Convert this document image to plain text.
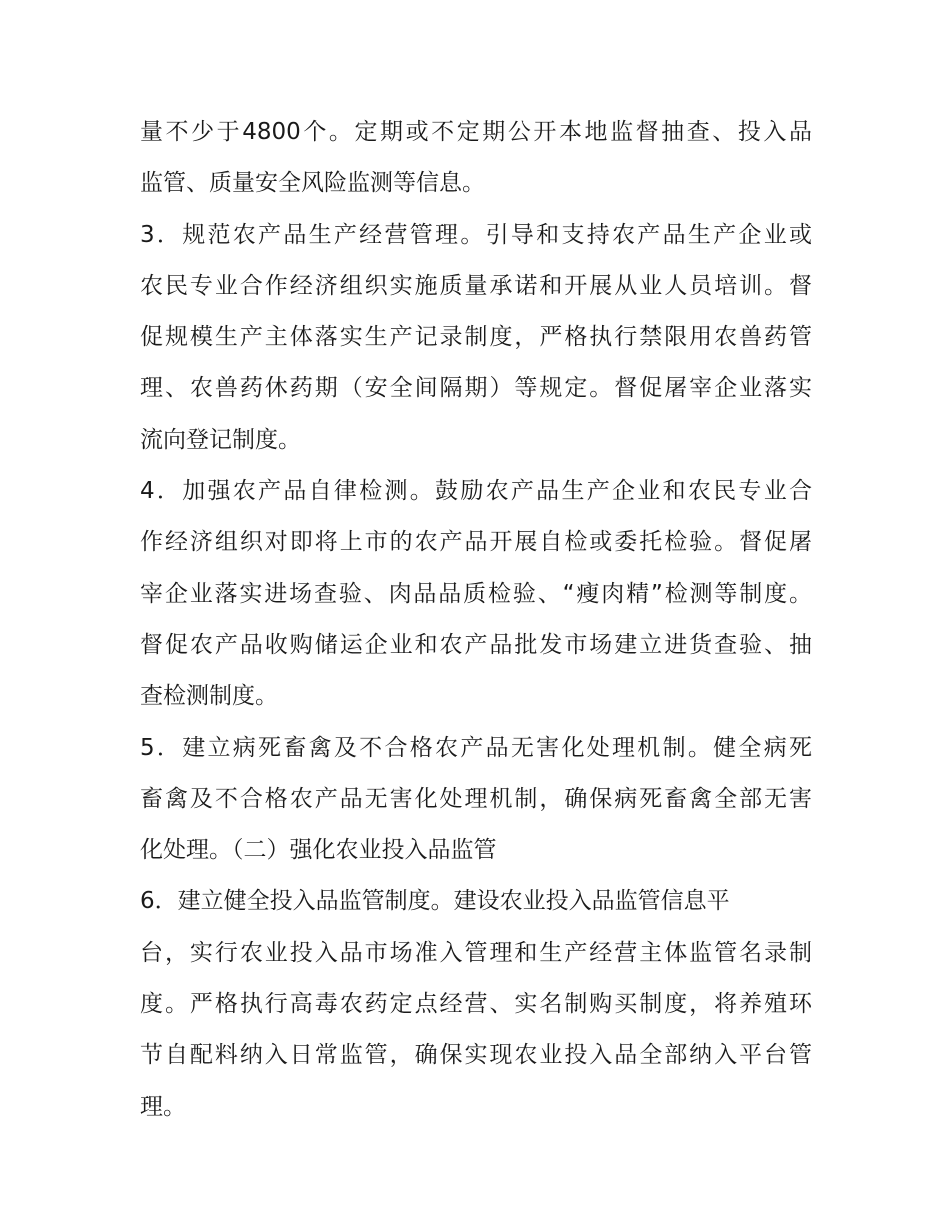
量不少于4800个。定期或不定期公开本地监督抽查、投入品
监管、质量安全风险监测等信息。
3．规范农产品生产经营管理。引导和支持农产品生产企业或
农民专业合作经济组织实施质量承诺和开展从业人员培训。督
促规模生产主体落实生产记录制度，严格执行禁限用农兽药管
理、农兽药休药期（安全间隔期）等规定。督促屠宰企业落实
流向登记制度。
4．加强农产品自律检测。鼓励农产品生产企业和农民专业合
作经济组织对即将上市的农产品开展自检或委托检验。督促屠
宰企业落实进场查验、肉品品质检验、“瘦肉精”检测等制度。
督促农产品收购储运企业和农产品批发市场建立进货查验、抽
查检测制度。
5．建立病死畜禽及不合格农产品无害化处理机制。健全病死
畜禽及不合格农产品无害化处理机制，确保病死畜禽全部无害
化处理。（二）强化农业投入品监管
6．建立健全投入品监管制度。建设农业投入品监管信息平
台，实行农业投入品市场准入管理和生产经营主体监管名录制
度。严格执行高毒农药定点经营、实名制购买制度，将养殖环
节自配料纳入日常监管，确保实现农业投入品全部纳入平台管
理。
